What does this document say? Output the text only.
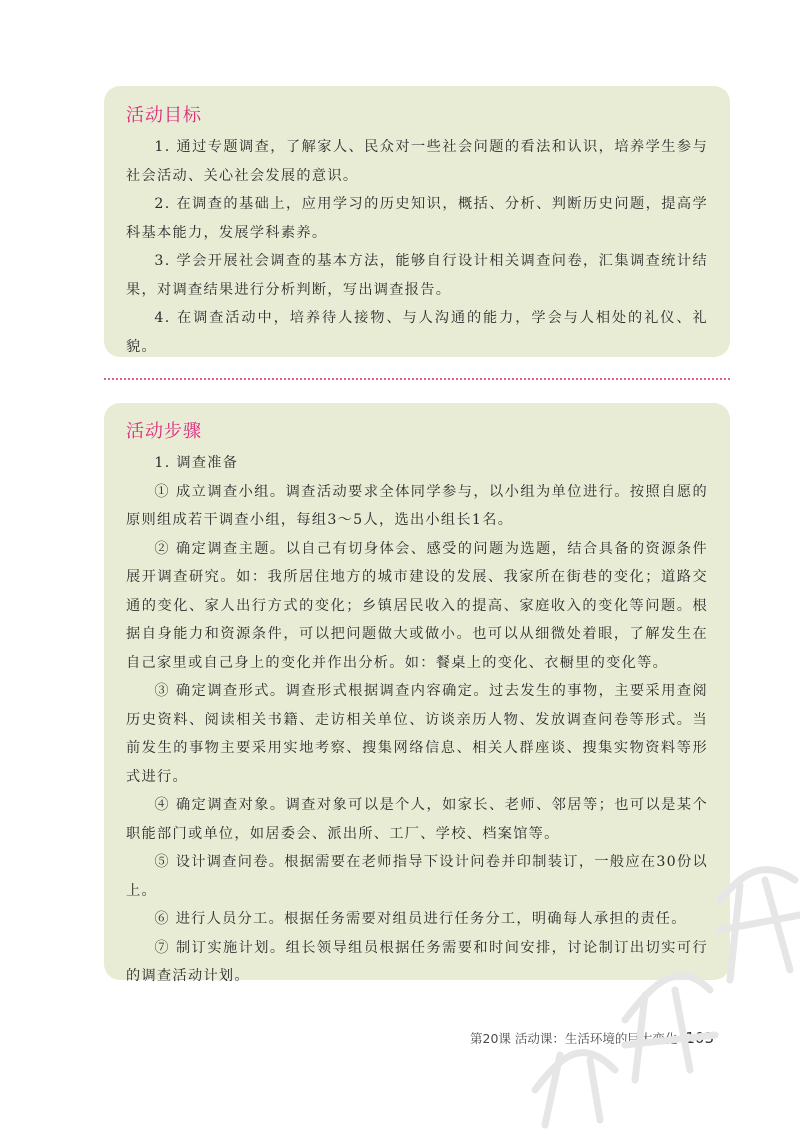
活动目标

1. 通过专题调查，了解家人、民众对一些社会问题的看法和认识，培养学生参与社会活动、关心社会发展的意识。

2. 在调查的基础上，应用学习的历史知识，概括、分析、判断历史问题，提高学科基本能力，发展学科素养。

3. 学会开展社会调查的基本方法，能够自行设计相关调查问卷，汇集调查统计结果，对调查结果进行分析判断，写出调查报告。

4. 在调查活动中，培养待人接物、与人沟通的能力，学会与人相处的礼仪、礼貌。

活动步骤

1. 调查准备

① 成立调查小组。调查活动要求全体同学参与，以小组为单位进行。按照自愿的原则组成若干调查小组，每组3～5人，选出小组长1名。

② 确定调查主题。以自己有切身体会、感受的问题为选题，结合具备的资源条件展开调查研究。如：我所居住地方的城市建设的发展、我家所在街巷的变化；道路交通的变化、家人出行方式的变化；乡镇居民收入的提高、家庭收入的变化等问题。根据自身能力和资源条件，可以把问题做大或做小。也可以从细微处着眼，了解发生在自己家里或自己身上的变化并作出分析。如：餐桌上的变化、衣橱里的变化等。

③ 确定调查形式。调查形式根据调查内容确定。过去发生的事物，主要采用查阅历史资料、阅读相关书籍、走访相关单位、访谈亲历人物、发放调查问卷等形式。当前发生的事物主要采用实地考察、搜集网络信息、相关人群座谈、搜集实物资料等形式进行。

④ 确定调查对象。调查对象可以是个人，如家长、老师、邻居等；也可以是某个职能部门或单位，如居委会、派出所、工厂、学校、档案馆等。

⑤ 设计调查问卷。根据需要在老师指导下设计问卷并印制装订，一般应在30份以上。

⑥ 进行人员分工。根据任务需要对组员进行任务分工，明确每人承担的责任。

⑦ 制订实施计划。组长领导组员根据任务需要和时间安排，讨论制订出切实可行的调查活动计划。

第20课 活动课：生活环境的巨大变化 103
